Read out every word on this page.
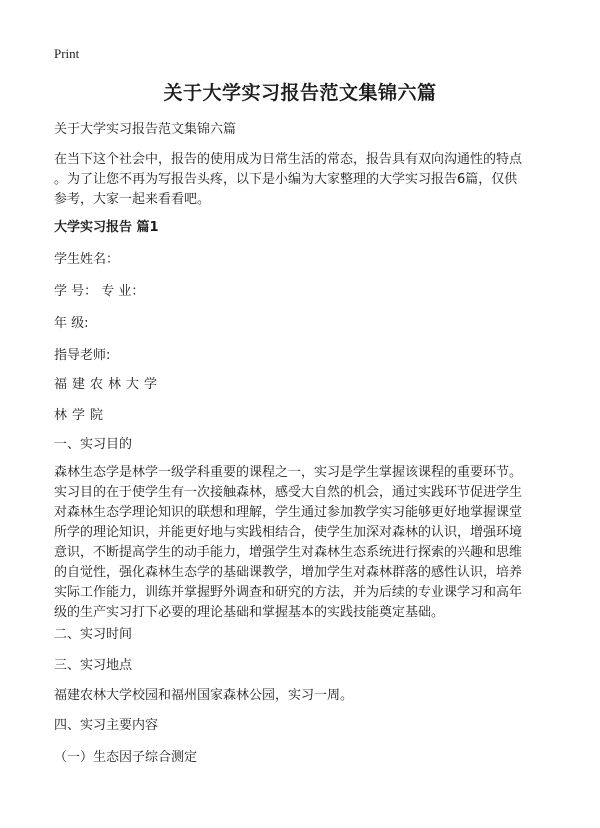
Print
关于大学实习报告范文集锦六篇
关于大学实习报告范文集锦六篇
在当下这个社会中，报告的使用成为日常生活的常态，报告具有双向沟通性的特点
。为了让您不再为写报告头疼，以下是小编为大家整理的大学实习报告6篇，仅供
参考，大家一起来看看吧。
大学实习报告 篇1
学生姓名：
学 号： 专 业：
年 级:
指导老师:
福建农林大学
林学院
一、实习目的
森林生态学是林学一级学科重要的课程之一，实习是学生掌握该课程的重要环节。
实习目的在于使学生有一次接触森林，感受大自然的机会，通过实践环节促进学生
对森林生态学理论知识的联想和理解，学生通过参加教学实习能够更好地掌握课堂
所学的理论知识，并能更好地与实践相结合，使学生加深对森林的认识，增强环境
意识，不断提高学生的动手能力，增强学生对森林生态系统进行探索的兴趣和思维
的自觉性，强化森林生态学的基础课教学，增加学生对森林群落的感性认识，培养
实际工作能力，训练并掌握野外调查和研究的方法，并为后续的专业课学习和高年
级的生产实习打下必要的理论基础和掌握基本的实践技能奠定基础。
二、实习时间
三、实习地点
福建农林大学校园和福州国家森林公园，实习一周。
四、实习主要内容
（一）生态因子综合测定
